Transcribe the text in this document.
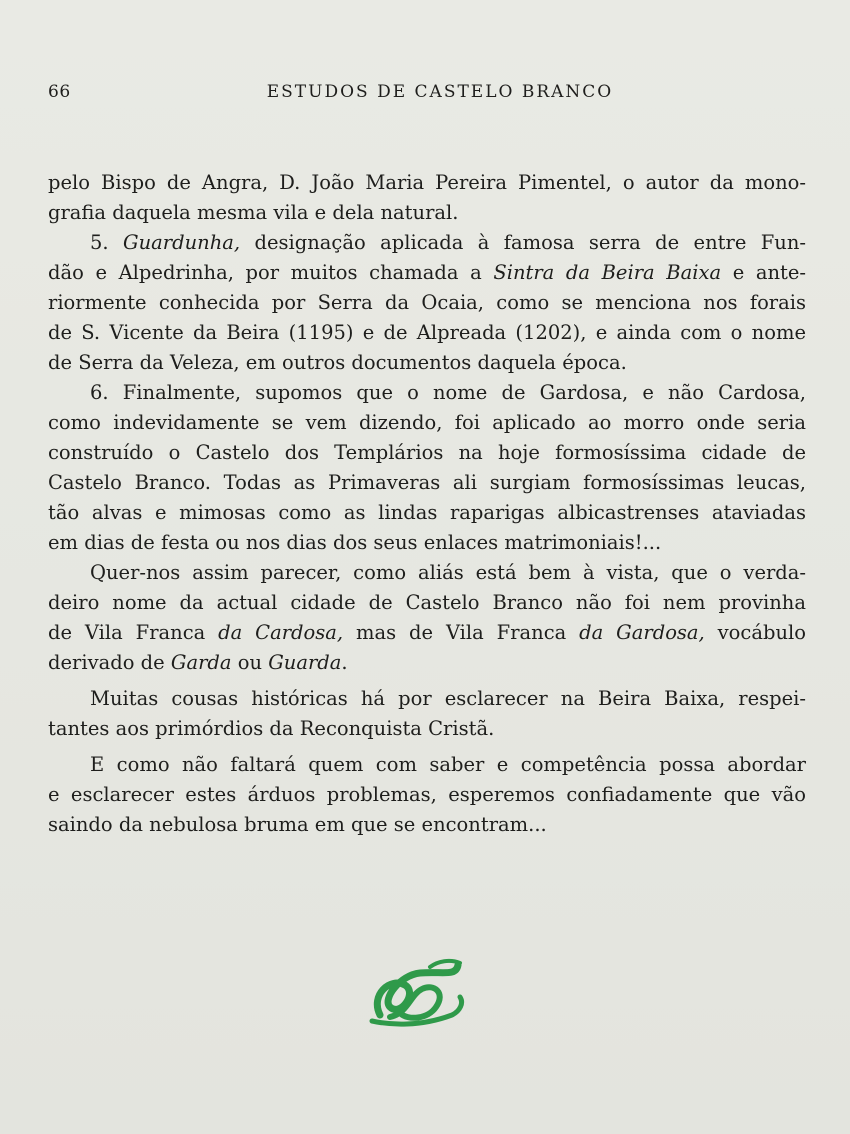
66	ESTUDOS DE CASTELO BRANCO

pelo Bispo de Angra, D. João Maria Pereira Pimentel, o autor da mono-
grafia daquela mesma vila e dela natural.

5. Guardunha, designação aplicada à famosa serra de entre Fun-
dão e Alpedrinha, por muitos chamada a Sintra da Beira Baixa e ante-
riormente conhecida por Serra da Ocaia, como se menciona nos forais
de S. Vicente da Beira (1195) e de Alpreada (1202), e ainda com o nome
de Serra da Veleza, em outros documentos daquela época.

6. Finalmente, supomos que o nome de Gardosa, e não Cardosa,
como indevidamente se vem dizendo, foi aplicado ao morro onde seria
construído o Castelo dos Templários na hoje formosíssima cidade de
Castelo Branco. Todas as Primaveras ali surgiam formosíssimas leucas,
tão alvas e mimosas como as lindas raparigas albicastrenses ataviadas
em dias de festa ou nos dias dos seus enlaces matrimoniais!...

Quer-nos assim parecer, como aliás está bem à vista, que o verda-
deiro nome da actual cidade de Castelo Branco não foi nem provinha
de Vila Franca da Cardosa, mas de Vila Franca da Gardosa, vocábulo
derivado de Garda ou Guarda.

Muitas cousas históricas há por esclarecer na Beira Baixa, respei-
tantes aos primórdios da Reconquista Cristã.

E como não faltará quem com saber e competência possa abordar
e esclarecer estes árduos problemas, esperemos confiadamente que vão
saindo da nebulosa bruma em que se encontram...
